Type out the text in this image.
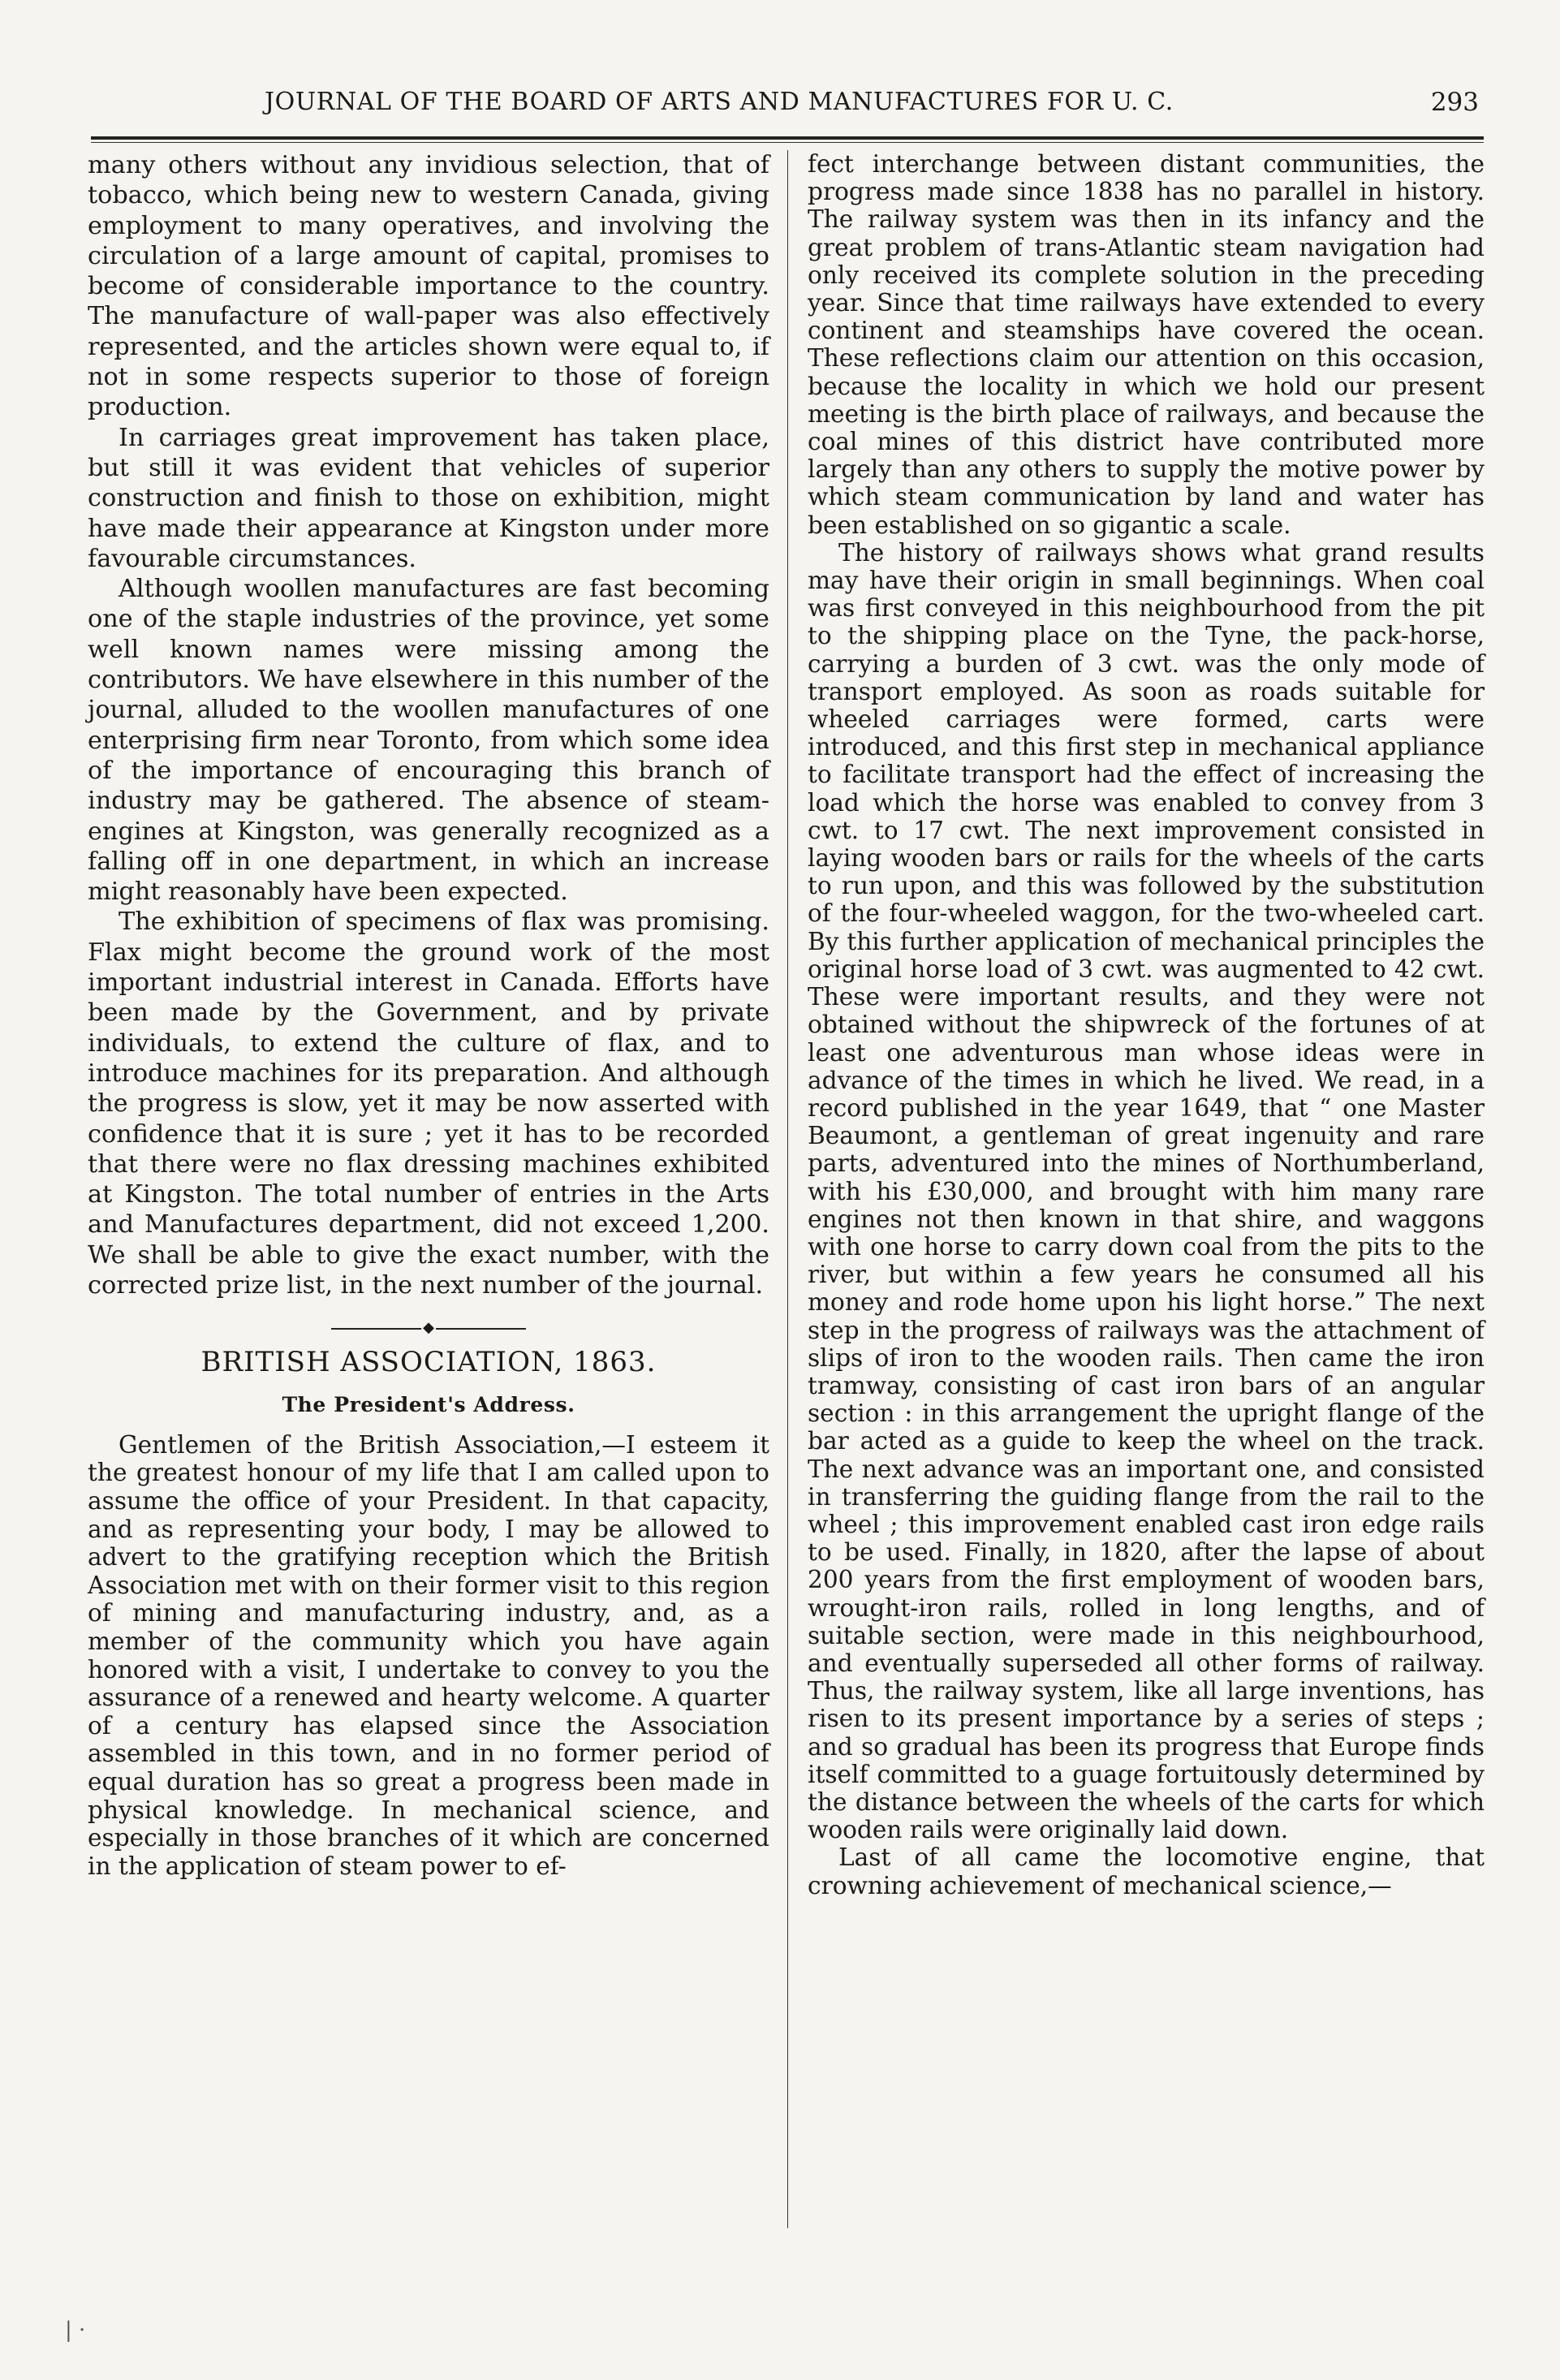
JOURNAL OF THE BOARD OF ARTS AND MANUFACTURES FOR U. C.	293

many others without any invidious selection, that of tobacco, which being new to western Canada, giving employment to many operatives, and involving the circulation of a large amount of capital, promises to become of considerable importance to the country. The manufacture of wall-paper was also effectively represented, and the articles shown were equal to, if not in some respects superior to those of foreign production.

In carriages great improvement has taken place, but still it was evident that vehicles of superior construction and finish to those on exhibition, might have made their appearance at Kingston under more favourable circumstances.

Although woollen manufactures are fast becoming one of the staple industries of the province, yet some well known names were missing among the contributors. We have elsewhere in this number of the journal, alluded to the woollen manufactures of one enterprising firm near Toronto, from which some idea of the importance of encouraging this branch of industry may be gathered. The absence of steam-engines at Kingston, was generally recognized as a falling off in one department, in which an increase might reasonably have been expected.

The exhibition of specimens of flax was promising. Flax might become the ground work of the most important industrial interest in Canada. Efforts have been made by the Government, and by private individuals, to extend the culture of flax, and to introduce machines for its preparation. And although the progress is slow, yet it may be now asserted with confidence that it is sure ; yet it has to be recorded that there were no flax dressing machines exhibited at Kingston. The total number of entries in the Arts and Manufactures department, did not exceed 1,200. We shall be able to give the exact number, with the corrected prize list, in the next number of the journal.

◆
BRITISH ASSOCIATION, 1863.
The President's Address.

Gentlemen of the British Association,—I esteem it the greatest honour of my life that I am called upon to assume the office of your President. In that capacity, and as representing your body, I may be allowed to advert to the gratifying reception which the British Association met with on their former visit to this region of mining and manufacturing industry, and, as a member of the community which you have again honored with a visit, I undertake to convey to you the assurance of a renewed and hearty welcome. A quarter of a century has elapsed since the Association assembled in this town, and in no former period of equal duration has so great a progress been made in physical knowledge. In mechanical science, and especially in those branches of it which are concerned in the application of steam power to ef-

fect interchange between distant communities, the progress made since 1838 has no parallel in history. The railway system was then in its infancy and the great problem of trans-Atlantic steam navigation had only received its complete solution in the preceding year. Since that time railways have extended to every continent and steamships have covered the ocean. These reflections claim our attention on this occasion, because the locality in which we hold our present meeting is the birth place of railways, and because the coal mines of this district have contributed more largely than any others to supply the motive power by which steam communication by land and water has been established on so gigantic a scale.

The history of railways shows what grand results may have their origin in small beginnings. When coal was first conveyed in this neighbourhood from the pit to the shipping place on the Tyne, the pack-horse, carrying a burden of 3 cwt. was the only mode of transport employed. As soon as roads suitable for wheeled carriages were formed, carts were introduced, and this first step in mechanical appliance to facilitate transport had the effect of increasing the load which the horse was enabled to convey from 3 cwt. to 17 cwt. The next improvement consisted in laying wooden bars or rails for the wheels of the carts to run upon, and this was followed by the substitution of the four-wheeled waggon, for the two-wheeled cart. By this further application of mechanical principles the original horse load of 3 cwt. was augmented to 42 cwt. These were important results, and they were not obtained without the shipwreck of the fortunes of at least one adventurous man whose ideas were in advance of the times in which he lived. We read, in a record published in the year 1649, that “ one Master Beaumont, a gentleman of great ingenuity and rare parts, adventured into the mines of Northumberland, with his £30,000, and brought with him many rare engines not then known in that shire, and waggons with one horse to carry down coal from the pits to the river, but within a few years he consumed all his money and rode home upon his light horse.” The next step in the progress of railways was the attachment of slips of iron to the wooden rails. Then came the iron tramway, consisting of cast iron bars of an angular section : in this arrangement the upright flange of the bar acted as a guide to keep the wheel on the track. The next advance was an important one, and consisted in transferring the guiding flange from the rail to the wheel ; this improvement enabled cast iron edge rails to be used. Finally, in 1820, after the lapse of about 200 years from the first employment of wooden bars, wrought-iron rails, rolled in long lengths, and of suitable section, were made in this neighbourhood, and eventually superseded all other forms of railway. Thus, the railway system, like all large inventions, has risen to its present importance by a series of steps ; and so gradual has been its progress that Europe finds itself committed to a guage fortuitously determined by the distance between the wheels of the carts for which wooden rails were originally laid down.

Last of all came the locomotive engine, that crowning achievement of mechanical science,—

| ·
